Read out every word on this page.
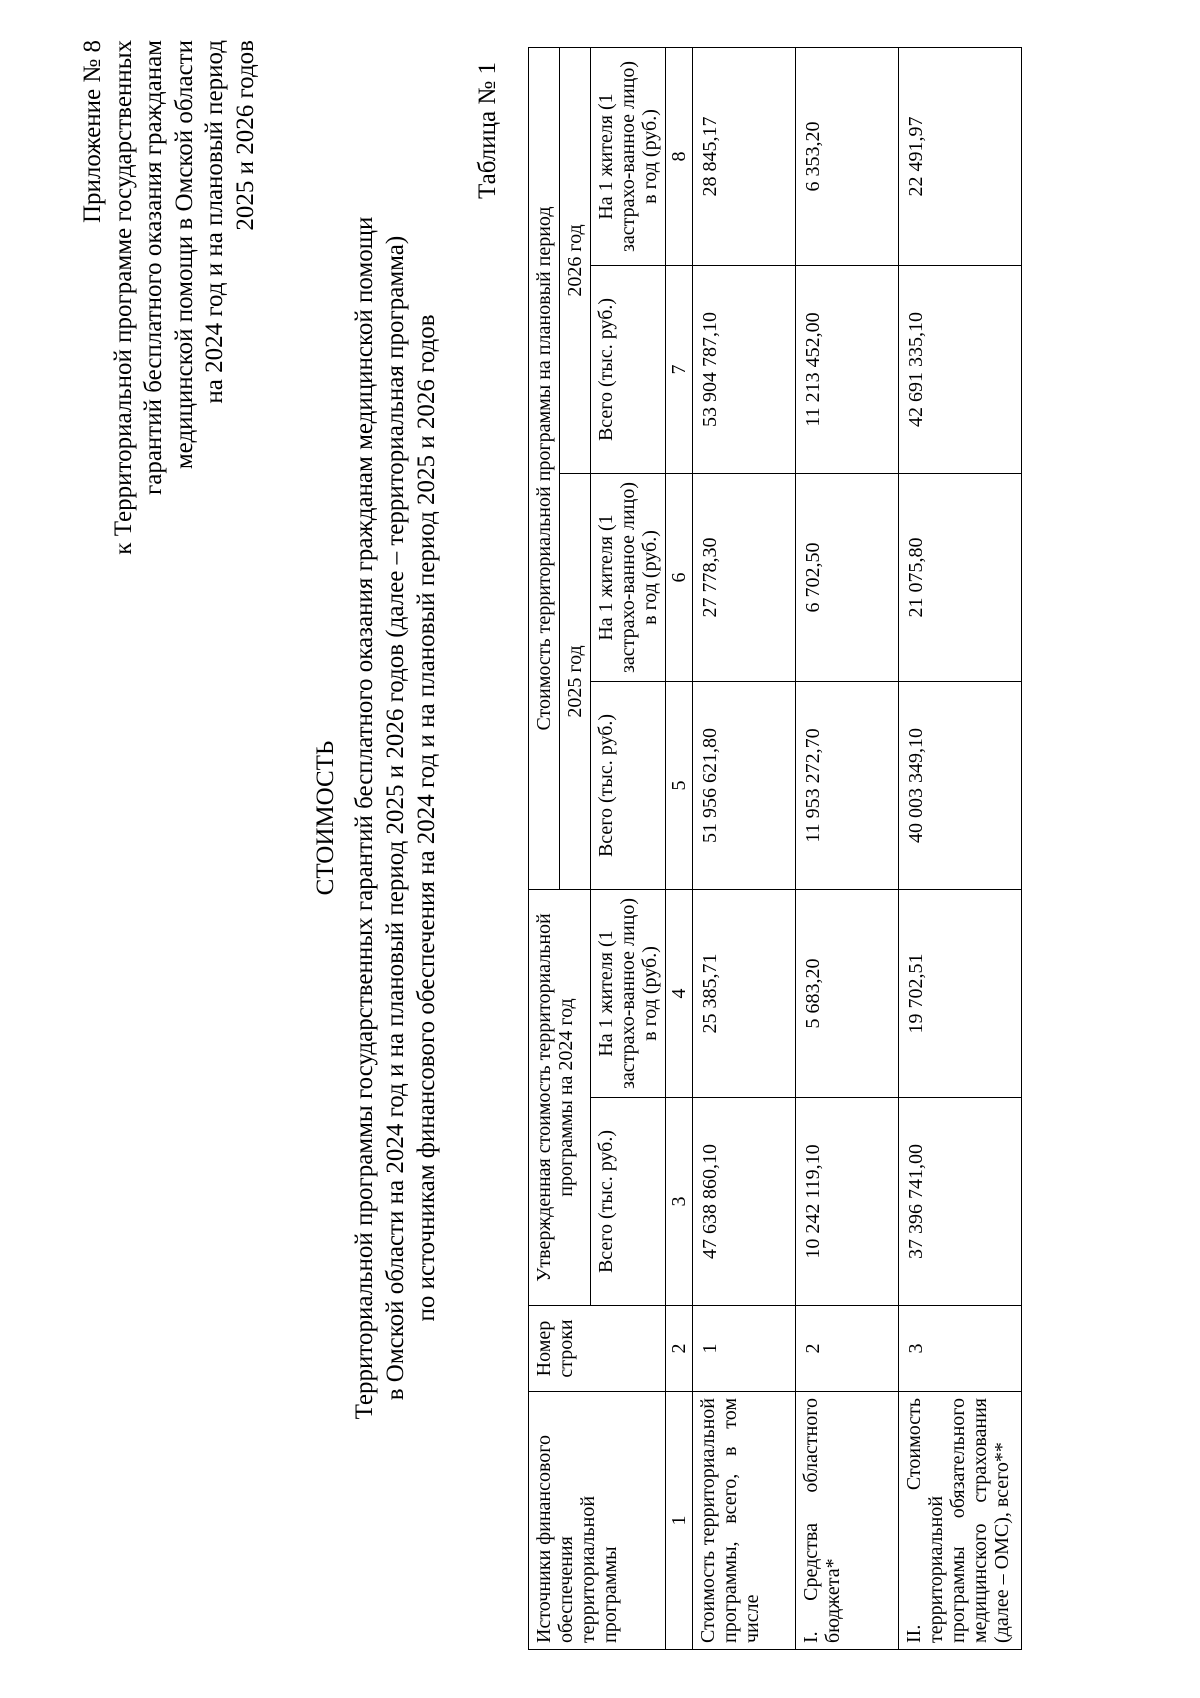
Приложение № 8 к Территориальной программе государственных гарантий бесплатного оказания гражданам медицинской помощи в Омской области на 2024 год и на плановый период 2025 и 2026 годов
СТОИМОСТЬ Территориальной программы государственных гарантий бесплатного оказания гражданам медицинской помощи в Омской области на 2024 год и на плановый период 2025 и 2026 годов (далее – территориальная программа) по источникам финансового обеспечения на 2024 год и на плановый период 2025 и 2026 годов
Таблица № 1
Источники финансового обеспечения территориальной программы	Номер строки	Утвержденная стоимость территориальной программы на 2024 год		Стоимость территориальной программы на плановый период			
				2025 год		2026 год	
		Всего (тыс. руб.)	На 1 жителя (1 застрахо-ванное лицо) в год (руб.)	Всего (тыс. руб.)	На 1 жителя (1 застрахо-ванное лицо) в год (руб.)	Всего (тыс. руб.)	На 1 жителя (1 застрахо-ванное лицо) в год (руб.)
1	2	3	4	5	6	7	8
Стоимость территориальной программы, всего, в том числе	1	47 638 860,10	25 385,71	51 956 621,80	27 778,30	53 904 787,10	28 845,17
I. Средства областного бюджета*	2	10 242 119,10	5 683,20	11 953 272,70	6 702,50	11 213 452,00	6 353,20
II. Стоимость территориальной программы обязательного медицинского страхования (далее – ОМС), всего**	3	37 396 741,00	19 702,51	40 003 349,10	21 075,80	42 691 335,10	22 491,97
